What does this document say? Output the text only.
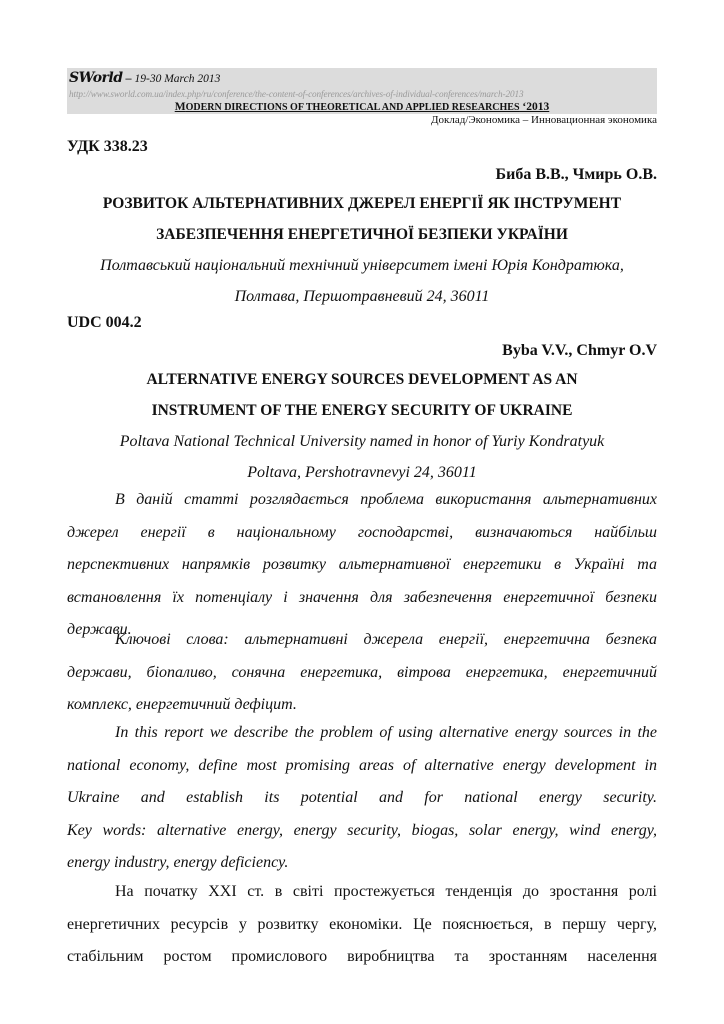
SWorld – 19-30 March 2013
http://www.sworld.com.ua/index.php/ru/conference/the-content-of-conferences/archives-of-individual-conferences/march-2013
MODERN DIRECTIONS OF THEORETICAL AND APPLIED RESEARCHES ‘2013
Доклад/Экономика – Инновационная экономика
УДК 338.23
Биба В.В., Чмирь О.В.
РОЗВИТОК АЛЬТЕРНАТИВНИХ ДЖЕРЕЛ ЕНЕРГІЇ ЯК ІНСТРУМЕНТ
ЗАБЕЗПЕЧЕННЯ ЕНЕРГЕТИЧНОЇ БЕЗПЕКИ УКРАЇНИ
Полтавський національний технічний університет імені Юрія Кондратюка,
Полтава, Першотравневий 24, 36011
UDC 004.2
Byba V.V., Chmyr O.V
ALTERNATIVE ENERGY SOURCES DEVELOPMENT AS AN
INSTRUMENT OF THE ENERGY SECURITY OF UKRAINE
Poltava National Technical University named in honor of Yuriy Kondratyuk
Poltava, Pershotravnevyi 24, 36011
В даній статті розглядається проблема використання альтернативних
джерел енергії в національному господарстві, визначаються найбільш
перспективних напрямків розвитку альтернативної енергетики в Україні та
встановлення їх потенціалу і значення для забезпечення енергетичної безпеки
держави.
Ключові слова: альтернативні джерела енергії, енергетична безпека
держави, біопаливо, сонячна енергетика, вітрова енергетика, енергетичний
комплекс, енергетичний дефіцит.
In this report we describe the problem of using alternative energy sources in the
national economy, define most promising areas of alternative energy development in
Ukraine and establish its potential and for national energy security.
Key words: alternative energy, energy security, biogas, solar energy, wind energy,
energy industry, energy deficiency.
На початку XXI ст. в світі простежується тенденція до зростання ролі
енергетичних ресурсів у розвитку економіки. Це пояснюється, в першу чергу,
стабільним ростом промислового виробництва та зростанням населення
